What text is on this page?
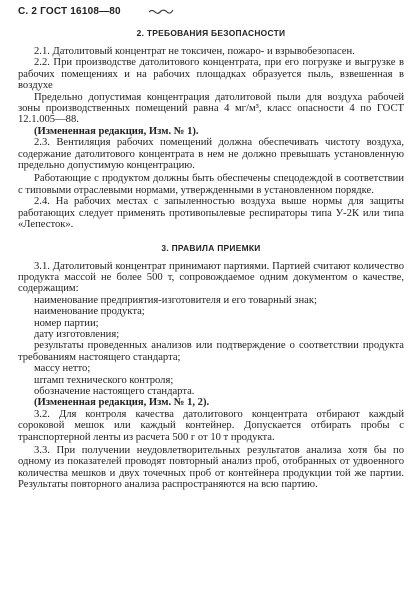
С. 2 ГОСТ 16108—80
2. ТРЕБОВАНИЯ БЕЗОПАСНОСТИ

2.1. Датолитовый концентрат не токсичен, пожаро- и взрывобезопасен.

2.2. При производстве датолитового концентрата, при его погрузке и выгрузке в рабочих помещениях и на рабочих площадках образуется пыль, взвешенная в воздухе

Предельно допустимая концентрация датолитовой пыли для воздуха рабочей зоны производственных помещений равна 4 мг/м³, класс опасности 4 по ГОСТ 12.1.005—88.

(Измененная редакция, Изм. № 1).

2.3. Вентиляция рабочих помещений должна обеспечивать чистоту воздуха, содержание датолитового концентрата в нем не должно превышать установленную предельно допустимую концентрацию.

Работающие с продуктом должны быть обеспечены спецодеждой в соответствии с типовыми отраслевыми нормами, утвержденными в установленном порядке.

2.4. На рабочих местах с запыленностью воздуха выше нормы для защиты работающих следует применять противопылевые респираторы типа У-2К или типа «Лепесток».

3. ПРАВИЛА ПРИЕМКИ

3.1. Датолитовый концентрат принимают партиями. Партией считают количество продукта массой не более 500 т, сопровождаемое одним документом о качестве, содержащим:

наименование предприятия-изготовителя и его товарный знак;

наименование продукта;

номер партии;

дату изготовления;

результаты проведенных анализов или подтверждение о соответствии продукта требованиям настоящего стандарта;

массу нетто;

штамп технического контроля;

обозначение настоящего стандарта.

(Измененная редакция, Изм. № 1, 2).

3.2. Для контроля качества датолитового концентрата отбирают каждый сороковой мешок или каждый контейнер. Допускается отбирать пробы с транспортерной ленты из расчета 500 г от 10 т продукта.

3.3. При получении неудовлетворительных результатов анализа хотя бы по одному из показателей проводят повторный анализ проб, отобранных от удвоенного количества мешков и двух точечных проб от контейнера продукции той же партии. Результаты повторного анализа распространяются на всю партию.
